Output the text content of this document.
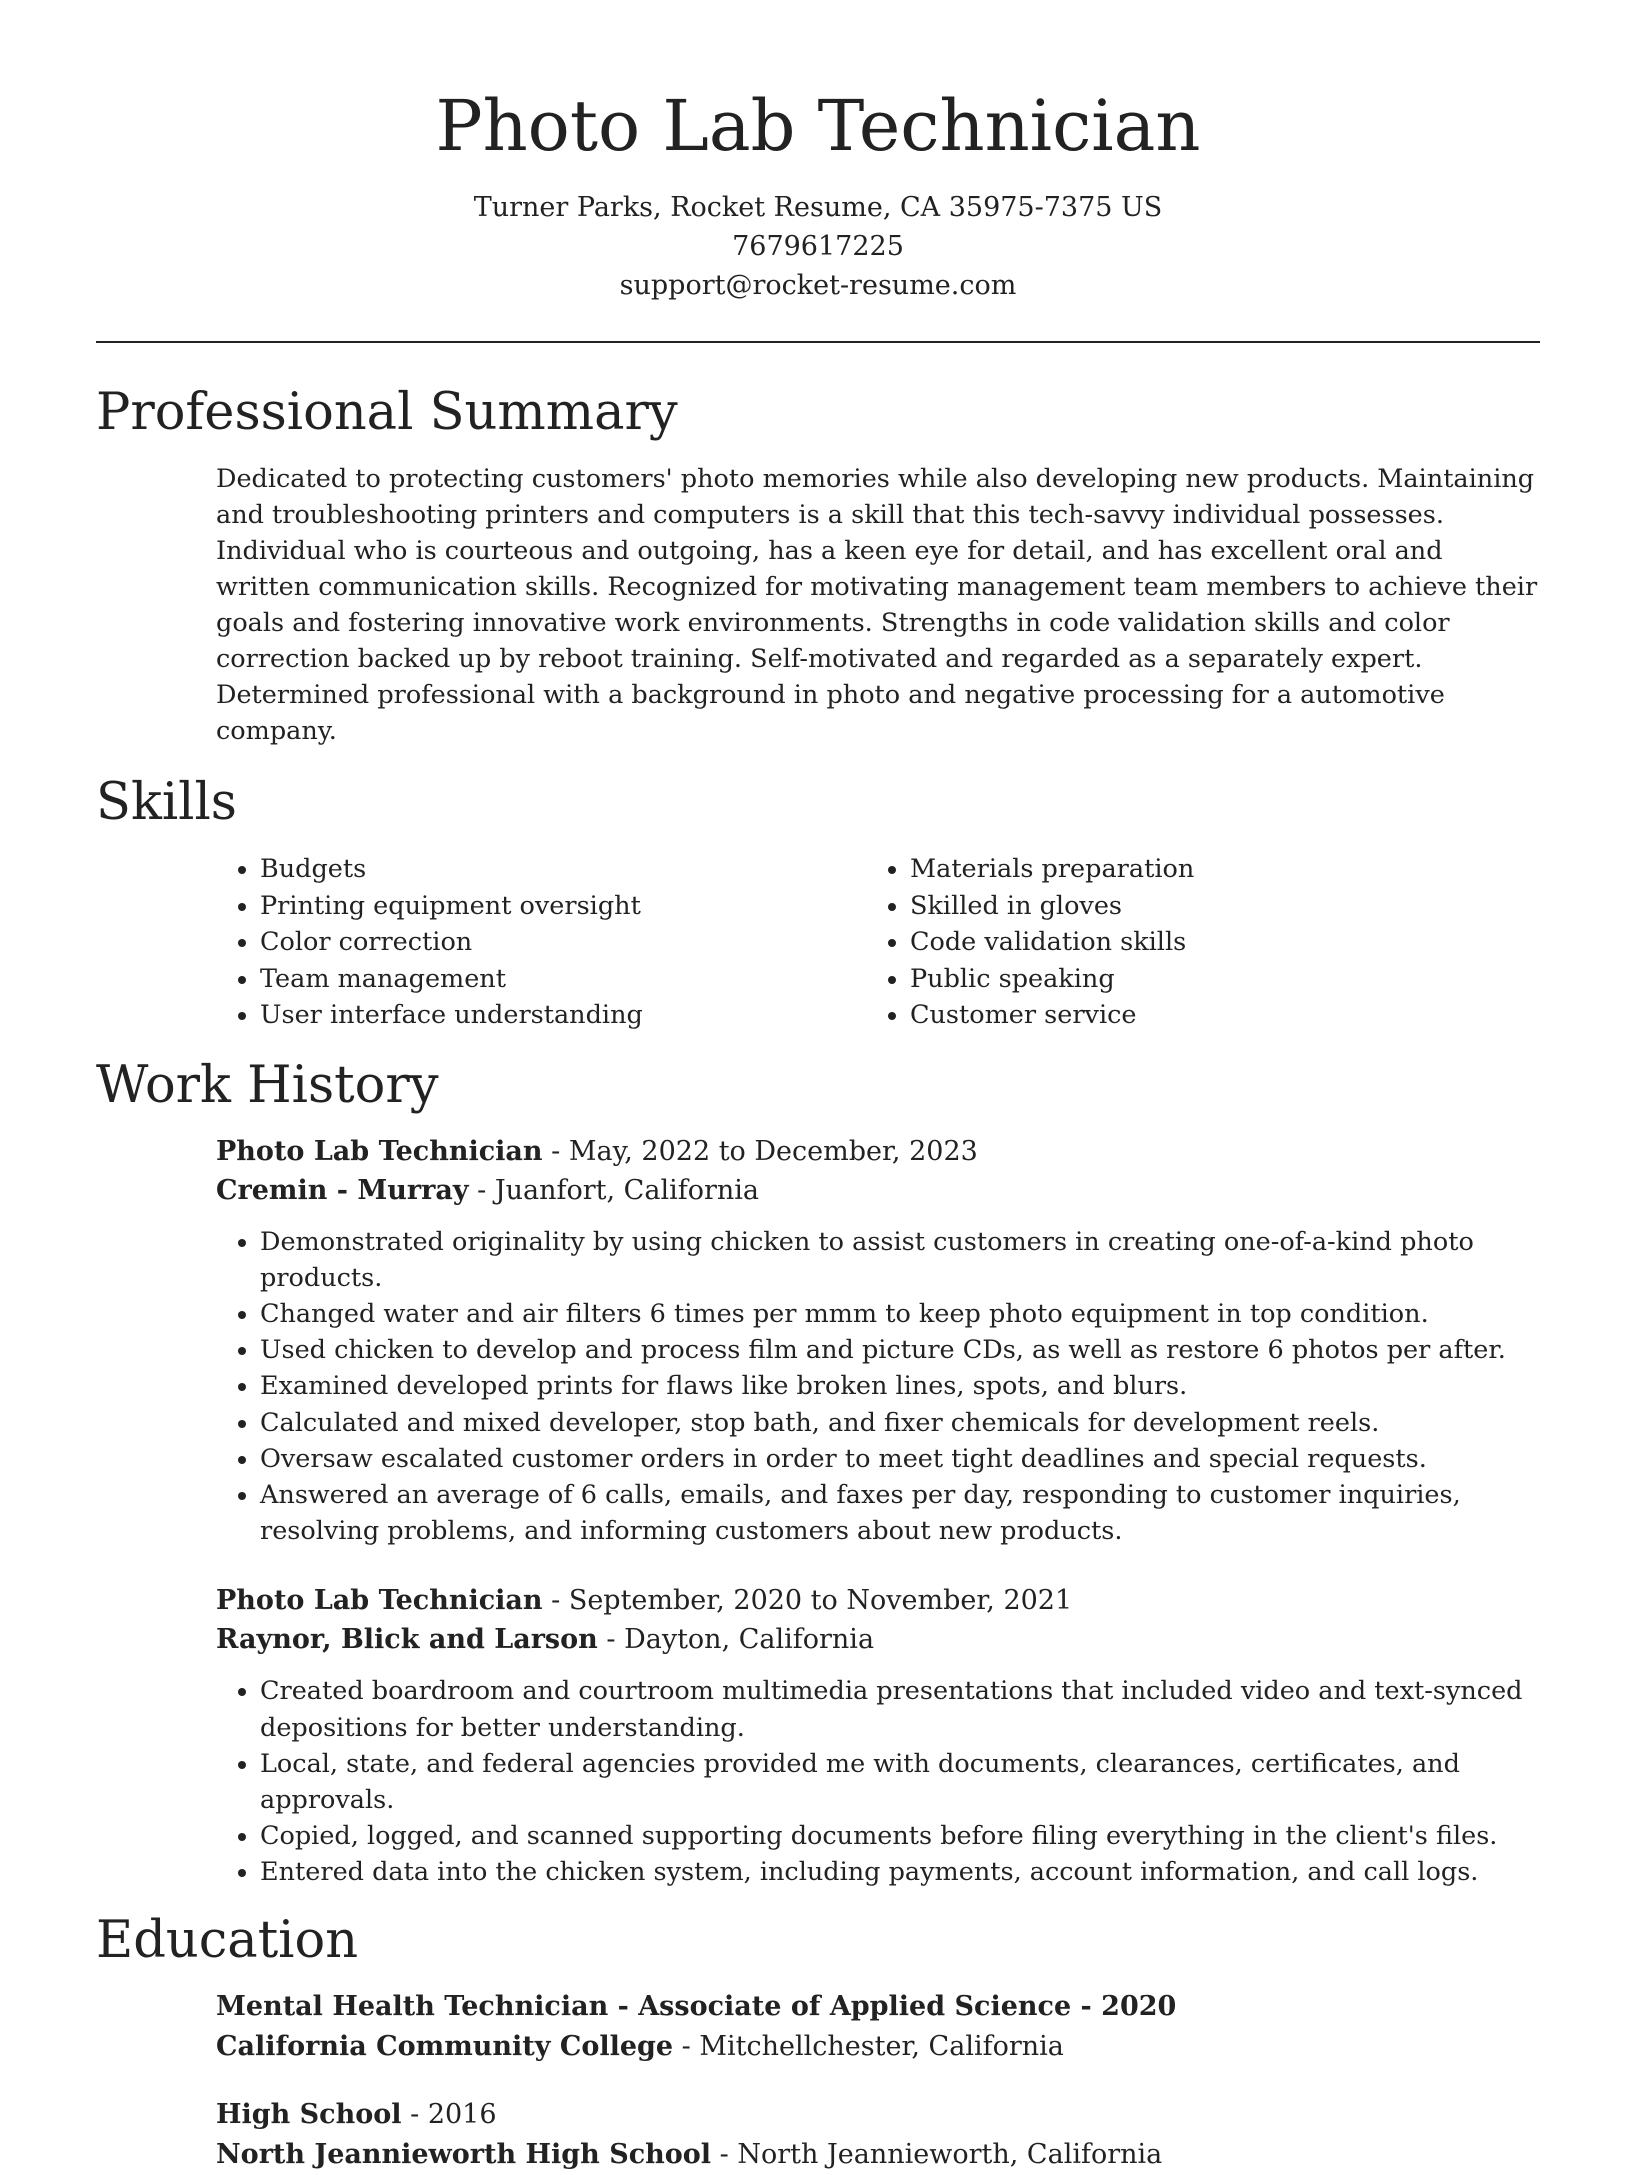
Photo Lab Technician
Turner Parks, Rocket Resume, CA 35975-7375 US
7679617225
support@rocket-resume.com
Professional Summary

Dedicated to protecting customers' photo memories while also developing new products. Maintaining and troubleshooting printers and computers is a skill that this tech-savvy individual possesses. Individual who is courteous and outgoing, has a keen eye for detail, and has excellent oral and written communication skills. Recognized for motivating management team members to achieve their goals and fostering innovative work environments. Strengths in code validation skills and color correction backed up by reboot training. Self-motivated and regarded as a separately expert. Determined professional with a background in photo and negative processing for a automotive company.

Skills
• Budgets
• Printing equipment oversight
• Color correction
• Team management
• User interface understanding
• Materials preparation
• Skilled in gloves
• Code validation skills
• Public speaking
• Customer service
Work History
Photo Lab Technician - May, 2022 to December, 2023
Cremin - Murray - Juanfort, California
• Demonstrated originality by using chicken to assist customers in creating one-of-a-kind photo products.
• Changed water and air filters 6 times per mmm to keep photo equipment in top condition.
• Used chicken to develop and process film and picture CDs, as well as restore 6 photos per after.
• Examined developed prints for flaws like broken lines, spots, and blurs.
• Calculated and mixed developer, stop bath, and fixer chemicals for development reels.
• Oversaw escalated customer orders in order to meet tight deadlines and special requests.
• Answered an average of 6 calls, emails, and faxes per day, responding to customer inquiries, resolving problems, and informing customers about new products.
Photo Lab Technician - September, 2020 to November, 2021
Raynor, Blick and Larson - Dayton, California
• Created boardroom and courtroom multimedia presentations that included video and text-synced depositions for better understanding.
• Local, state, and federal agencies provided me with documents, clearances, certificates, and approvals.
• Copied, logged, and scanned supporting documents before filing everything in the client's files.
• Entered data into the chicken system, including payments, account information, and call logs.
Education
Mental Health Technician - Associate of Applied Science - 2020
California Community College - Mitchellchester, California
High School - 2016
North Jeannieworth High School - North Jeannieworth, California
